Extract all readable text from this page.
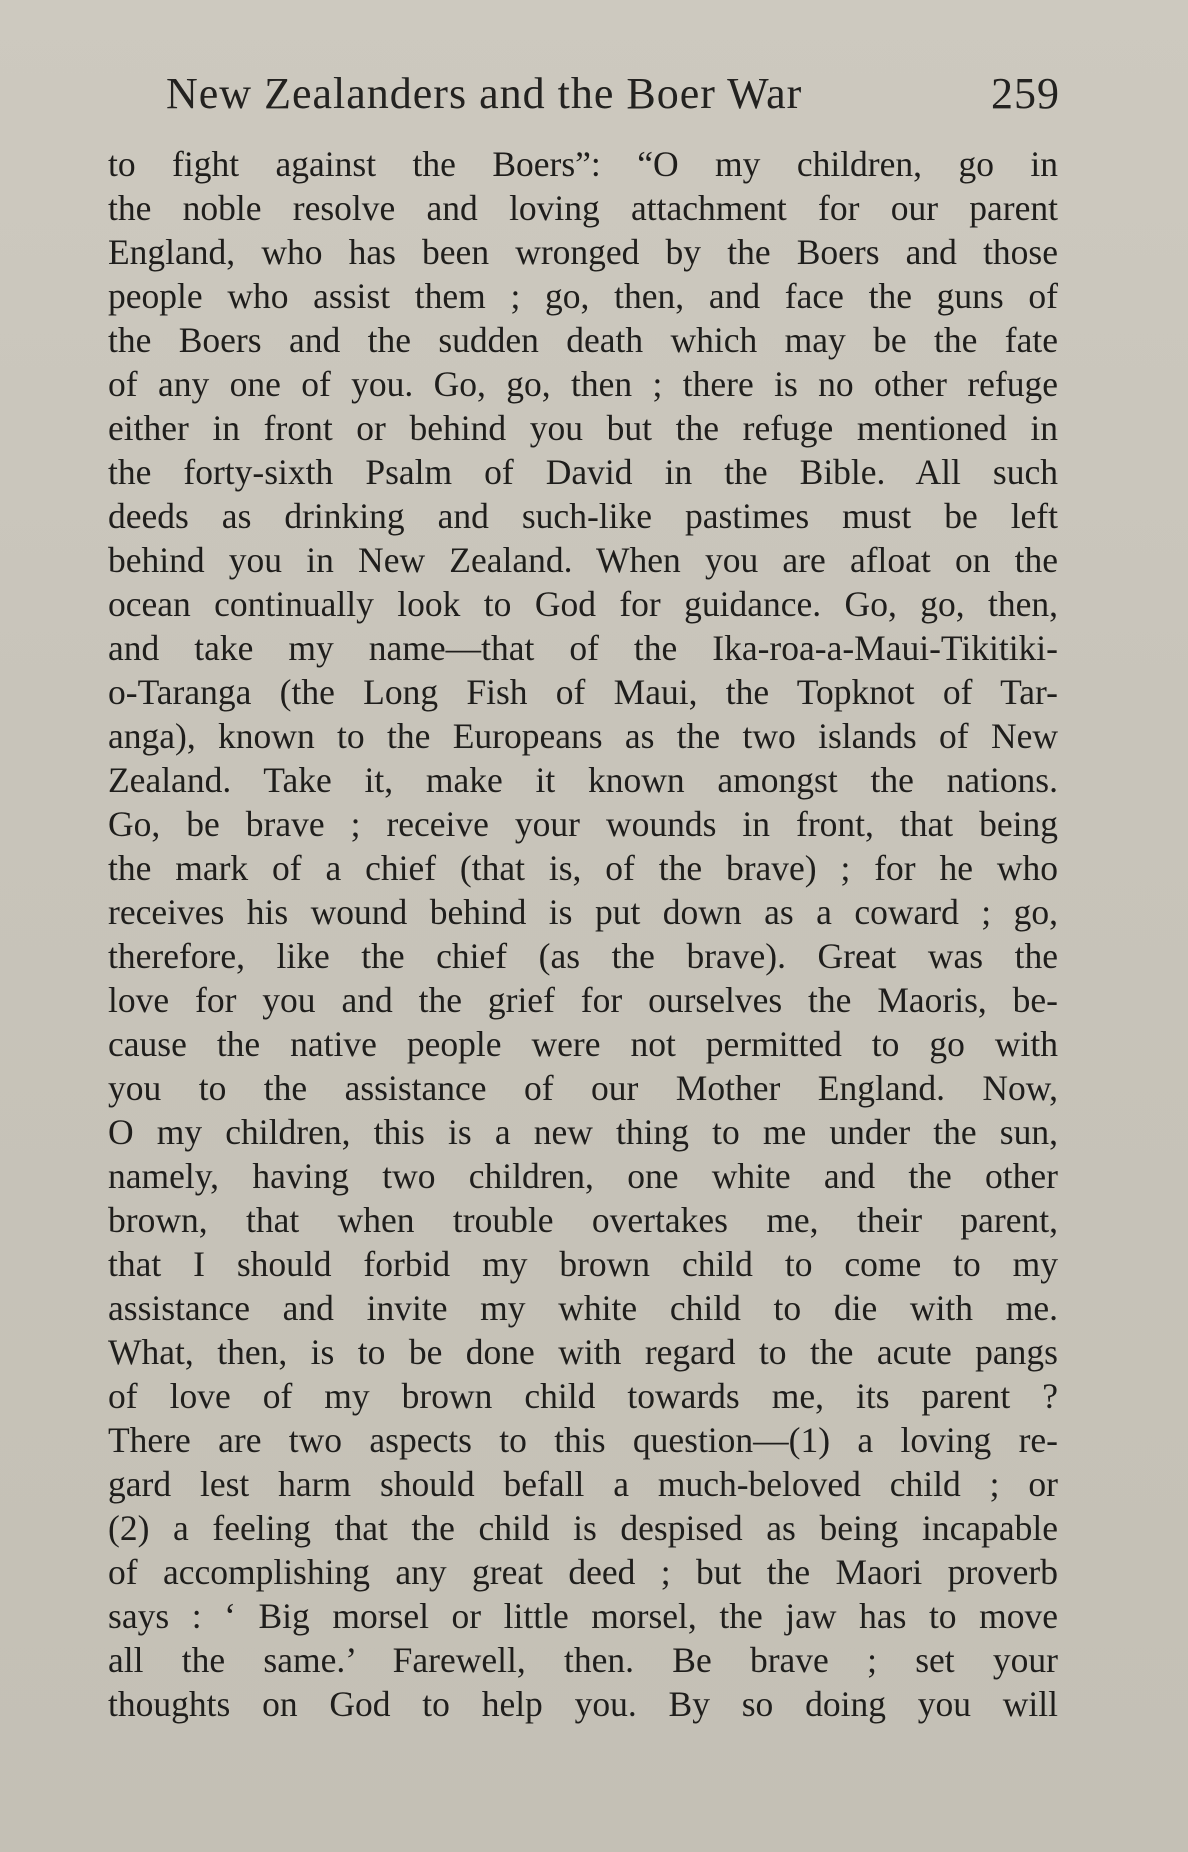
New Zealanders and the Boer War	259
to fight against the Boers”: “O my children, go in
the noble resolve and loving attachment for our parent
England, who has been wronged by the Boers and those
people who assist them ; go, then, and face the guns of
the Boers and the sudden death which may be the fate
of any one of you. Go, go, then ; there is no other refuge
either in front or behind you but the refuge mentioned in
the forty-sixth Psalm of David in the Bible. All such
deeds as drinking and such-like pastimes must be left
behind you in New Zealand. When you are afloat on the
ocean continually look to God for guidance. Go, go, then,
and take my name—that of the Ika-roa-a-Maui-Tikitiki-
o-Taranga (the Long Fish of Maui, the Topknot of Tar-
anga), known to the Europeans as the two islands of New
Zealand. Take it, make it known amongst the nations.
Go, be brave ; receive your wounds in front, that being
the mark of a chief (that is, of the brave) ; for he who
receives his wound behind is put down as a coward ; go,
therefore, like the chief (as the brave). Great was the
love for you and the grief for ourselves the Maoris, be-
cause the native people were not permitted to go with
you to the assistance of our Mother England. Now,
O my children, this is a new thing to me under the sun,
namely, having two children, one white and the other
brown, that when trouble overtakes me, their parent,
that I should forbid my brown child to come to my
assistance and invite my white child to die with me.
What, then, is to be done with regard to the acute pangs
of love of my brown child towards me, its parent ?
There are two aspects to this question—(1) a loving re-
gard lest harm should befall a much-beloved child ; or
(2) a feeling that the child is despised as being incapable
of accomplishing any great deed ; but the Maori proverb
says : ‘ Big morsel or little morsel, the jaw has to move
all the same.’ Farewell, then. Be brave ; set your
thoughts on God to help you. By so doing you will
